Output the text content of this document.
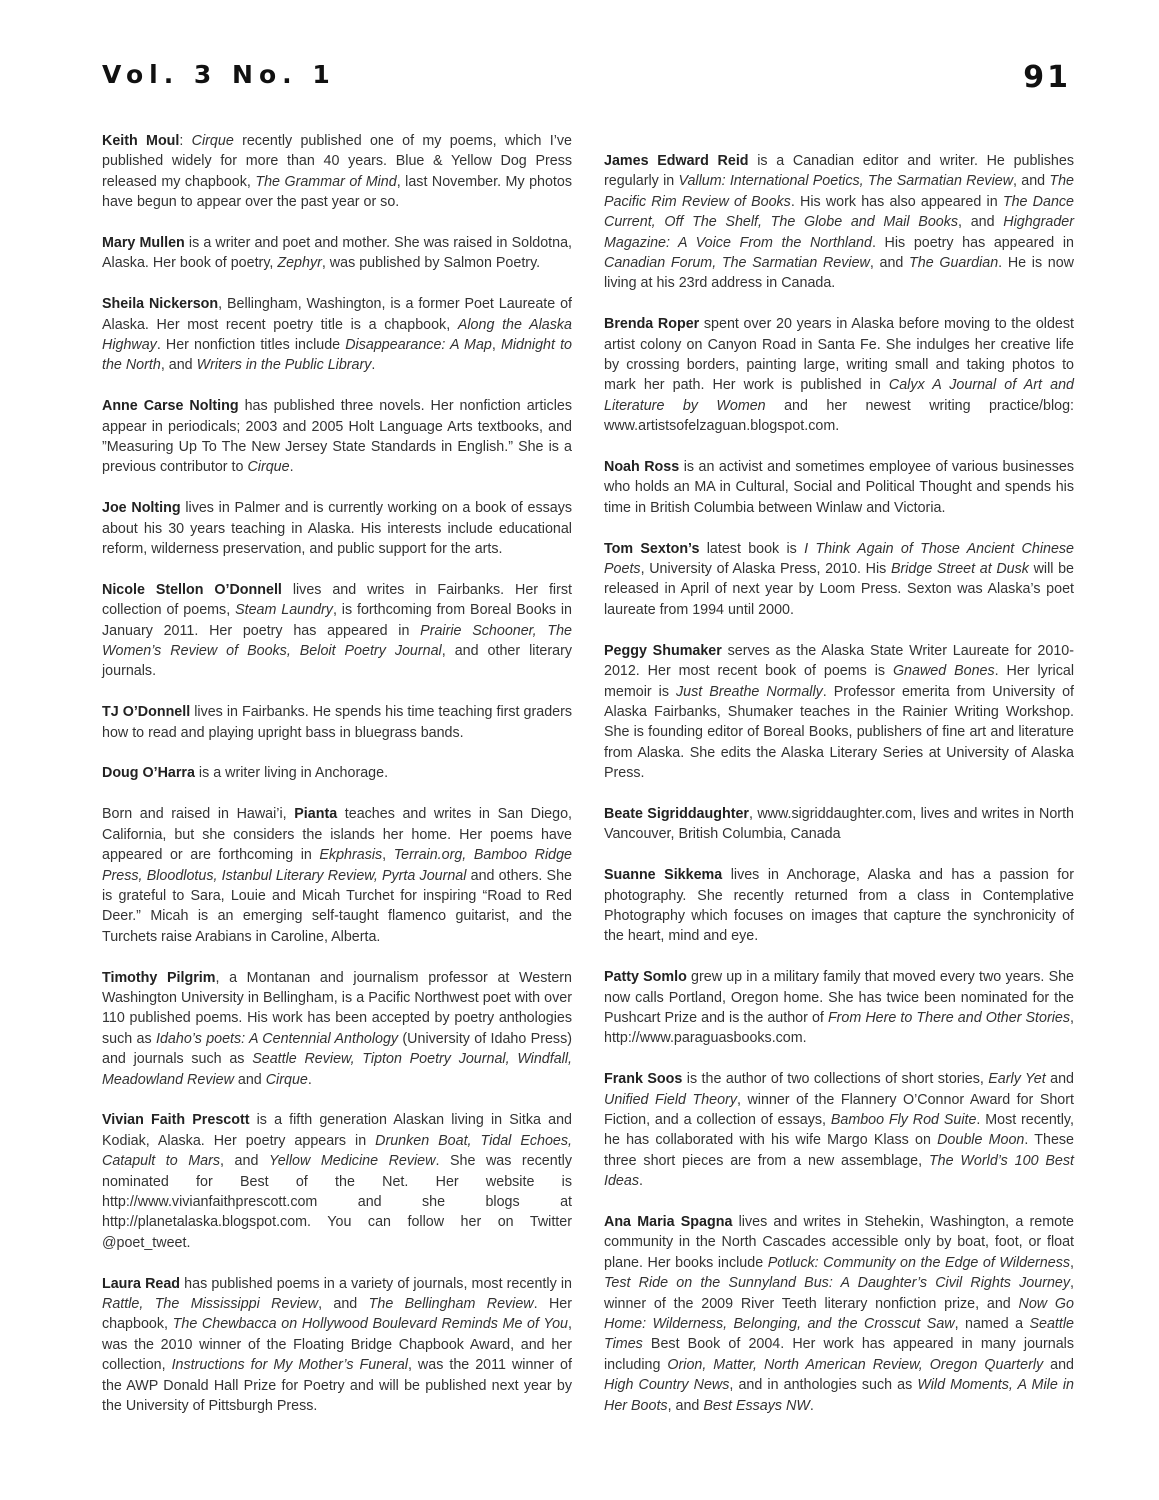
Vol. 3 No. 1	91

Keith Moul: Cirque recently published one of my poems, which I’ve published widely for more than 40 years. Blue & Yellow Dog Press released my chapbook, The Grammar of Mind, last November. My photos have begun to appear over the past year or so.

Mary Mullen is a writer and poet and mother. She was raised in Soldotna, Alaska. Her book of poetry, Zephyr, was published by Salmon Poetry.

Sheila Nickerson, Bellingham, Washington, is a former Poet Laureate of Alaska. Her most recent poetry title is a chapbook, Along the Alaska Highway. Her nonfiction titles include Disappearance: A Map, Midnight to the North, and Writers in the Public Library.

Anne Carse Nolting has published three novels. Her nonfiction articles appear in periodicals; 2003 and 2005 Holt Language Arts textbooks, and ”Measuring Up To The New Jersey State Standards in English.” She is a previous contributor to Cirque.

Joe Nolting lives in Palmer and is currently working on a book of essays about his 30 years teaching in Alaska. His interests include educational reform, wilderness preservation, and public support for the arts.

Nicole Stellon O’Donnell lives and writes in Fairbanks. Her first collection of poems, Steam Laundry, is forthcoming from Boreal Books in January 2011. Her poetry has appeared in Prairie Schooner, The Women’s Review of Books, Beloit Poetry Journal, and other literary journals.

TJ O’Donnell lives in Fairbanks. He spends his time teaching first graders how to read and playing upright bass in bluegrass bands.

Doug O’Harra is a writer living in Anchorage.

Born and raised in Hawai’i, Pianta teaches and writes in San Diego, California, but she considers the islands her home. Her poems have appeared or are forthcoming in Ekphrasis, Terrain.org, Bamboo Ridge Press, Bloodlotus, Istanbul Literary Review, Pyrta Journal and others. She is grateful to Sara, Louie and Micah Turchet for inspiring “Road to Red Deer.” Micah is an emerging self-taught flamenco guitarist, and the Turchets raise Arabians in Caroline, Alberta.

Timothy Pilgrim, a Montanan and journalism professor at Western Washington University in Bellingham, is a Pacific Northwest poet with over 110 published poems. His work has been accepted by poetry anthologies such as Idaho’s poets: A Centennial Anthology (University of Idaho Press) and journals such as Seattle Review, Tipton Poetry Journal, Windfall, Meadowland Review and Cirque.

Vivian Faith Prescott is a fifth generation Alaskan living in Sitka and Kodiak, Alaska. Her poetry appears in Drunken Boat, Tidal Echoes, Catapult to Mars, and Yellow Medicine Review. She was recently nominated for Best of the Net. Her website is http://www.vivianfaithprescott.com and she blogs at http://planetalaska.blogspot.com. You can follow her on Twitter @poet_tweet.

Laura Read has published poems in a variety of journals, most recently in Rattle, The Mississippi Review, and The Bellingham Review. Her chapbook, The Chewbacca on Hollywood Boulevard Reminds Me of You, was the 2010 winner of the Floating Bridge Chapbook Award, and her collection, Instructions for My Mother’s Funeral, was the 2011 winner of the AWP Donald Hall Prize for Poetry and will be published next year by the University of Pittsburgh Press.

James Edward Reid is a Canadian editor and writer. He publishes regularly in Vallum: International Poetics, The Sarmatian Review, and The Pacific Rim Review of Books. His work has also appeared in The Dance Current, Off The Shelf, The Globe and Mail Books, and Highgrader Magazine: A Voice From the Northland. His poetry has appeared in Canadian Forum, The Sarmatian Review, and The Guardian. He is now living at his 23rd address in Canada.

Brenda Roper spent over 20 years in Alaska before moving to the oldest artist colony on Canyon Road in Santa Fe. She indulges her creative life by crossing borders, painting large, writing small and taking photos to mark her path. Her work is published in Calyx A Journal of Art and Literature by Women and her newest writing practice/blog: www.artistsofelzaguan.blogspot.com.

Noah Ross is an activist and sometimes employee of various businesses who holds an MA in Cultural, Social and Political Thought and spends his time in British Columbia between Winlaw and Victoria.

Tom Sexton’s latest book is I Think Again of Those Ancient Chinese Poets, University of Alaska Press, 2010. His Bridge Street at Dusk will be released in April of next year by Loom Press. Sexton was Alaska’s poet laureate from 1994 until 2000.

Peggy Shumaker serves as the Alaska State Writer Laureate for 2010-2012. Her most recent book of poems is Gnawed Bones. Her lyrical memoir is Just Breathe Normally. Professor emerita from University of Alaska Fairbanks, Shumaker teaches in the Rainier Writing Workshop. She is founding editor of Boreal Books, publishers of fine art and literature from Alaska. She edits the Alaska Literary Series at University of Alaska Press.

Beate Sigriddaughter, www.sigriddaughter.com, lives and writes in North Vancouver, British Columbia, Canada

Suanne Sikkema lives in Anchorage, Alaska and has a passion for photography. She recently returned from a class in Contemplative Photography which focuses on images that capture the synchronicity of the heart, mind and eye.

Patty Somlo grew up in a military family that moved every two years. She now calls Portland, Oregon home. She has twice been nominated for the Pushcart Prize and is the author of From Here to There and Other Stories, http://www.paraguasbooks.com.

Frank Soos is the author of two collections of short stories, Early Yet and Unified Field Theory, winner of the Flannery O’Connor Award for Short Fiction, and a collection of essays, Bamboo Fly Rod Suite. Most recently, he has collaborated with his wife Margo Klass on Double Moon. These three short pieces are from a new assemblage, The World’s 100 Best Ideas.

Ana Maria Spagna lives and writes in Stehekin, Washington, a remote community in the North Cascades accessible only by boat, foot, or float plane. Her books include Potluck: Community on the Edge of Wilderness, Test Ride on the Sunnyland Bus: A Daughter’s Civil Rights Journey, winner of the 2009 River Teeth literary nonfiction prize, and Now Go Home: Wilderness, Belonging, and the Crosscut Saw, named a Seattle Times Best Book of 2004. Her work has appeared in many journals including Orion, Matter, North American Review, Oregon Quarterly and High Country News, and in anthologies such as Wild Moments, A Mile in Her Boots, and Best Essays NW.
